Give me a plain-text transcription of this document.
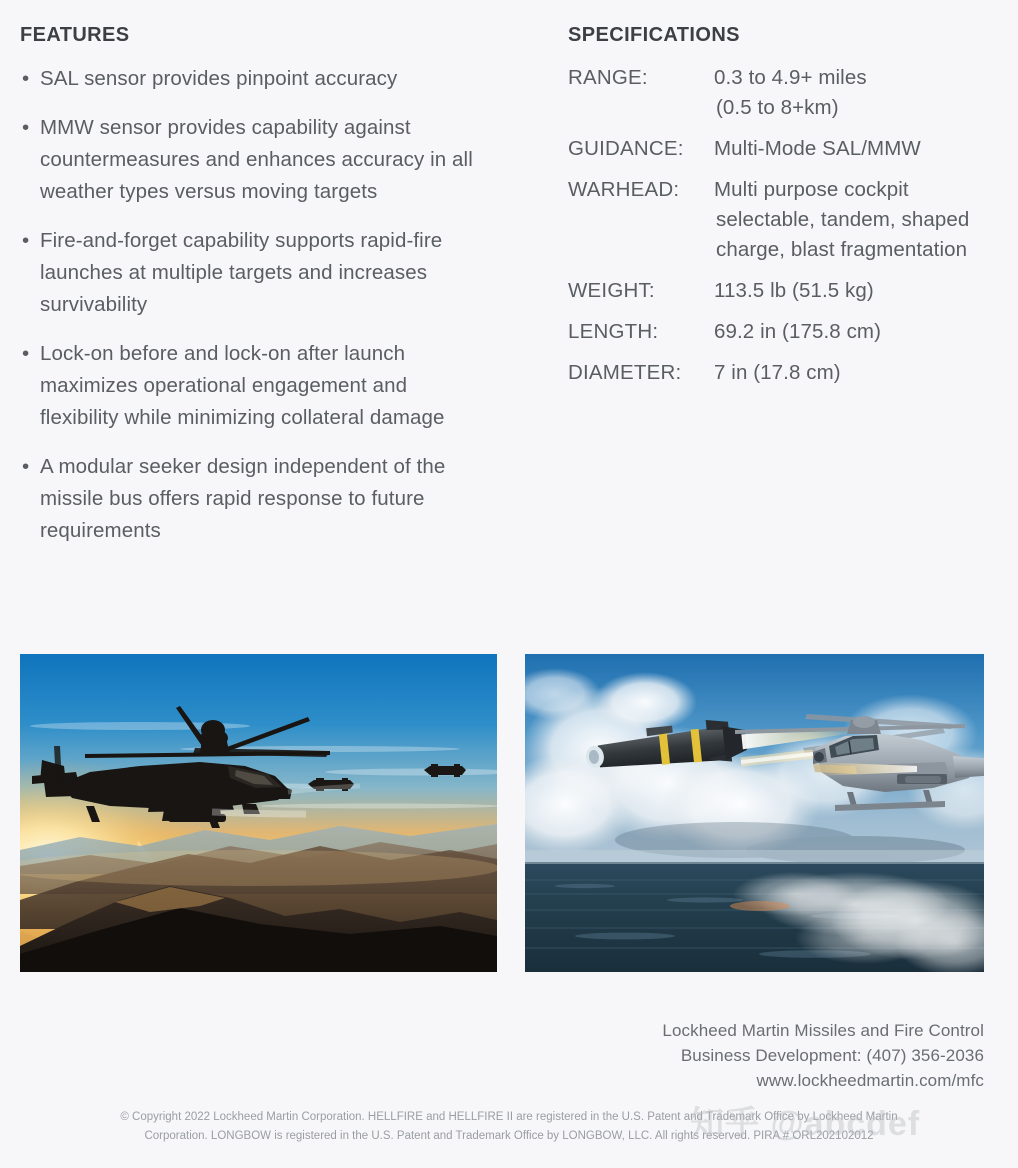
FEATURES
• SAL sensor provides pinpoint accuracy
• MMW sensor provides capability against countermeasures and enhances accuracy in all weather types versus moving targets
• Fire-and-forget capability supports rapid-fire launches at multiple targets and increases survivability
• Lock-on before and lock-on after launch maximizes operational engagement and flexibility while minimizing collateral damage
• A modular seeker design independent of the missile bus offers rapid response to future requirements
SPECIFICATIONS
RANGE:	0.3 to 4.9+ miles
(0.5 to 8+km)
GUIDANCE:	Multi-Mode SAL/MMW
WARHEAD:	Multi purpose cockpit
selectable, tandem, shaped charge, blast fragmentation
WEIGHT:	113.5 lb (51.5 kg)
LENGTH:	69.2 in (175.8 cm)
DIAMETER:	7 in (17.8 cm)
Lockheed Martin Missiles and Fire Control
Business Development: (407) 356-2036
www.lockheedmartin.com/mfc
© Copyright 2022 Lockheed Martin Corporation. HELLFIRE and HELLFIRE II are registered in the U.S. Patent and Trademark Office by Lockheed Martin
Corporation. LONGBOW is registered in the U.S. Patent and Trademark Office by LONGBOW, LLC. All rights reserved. PIRA # ORL202102012
知乎 @abcdef
